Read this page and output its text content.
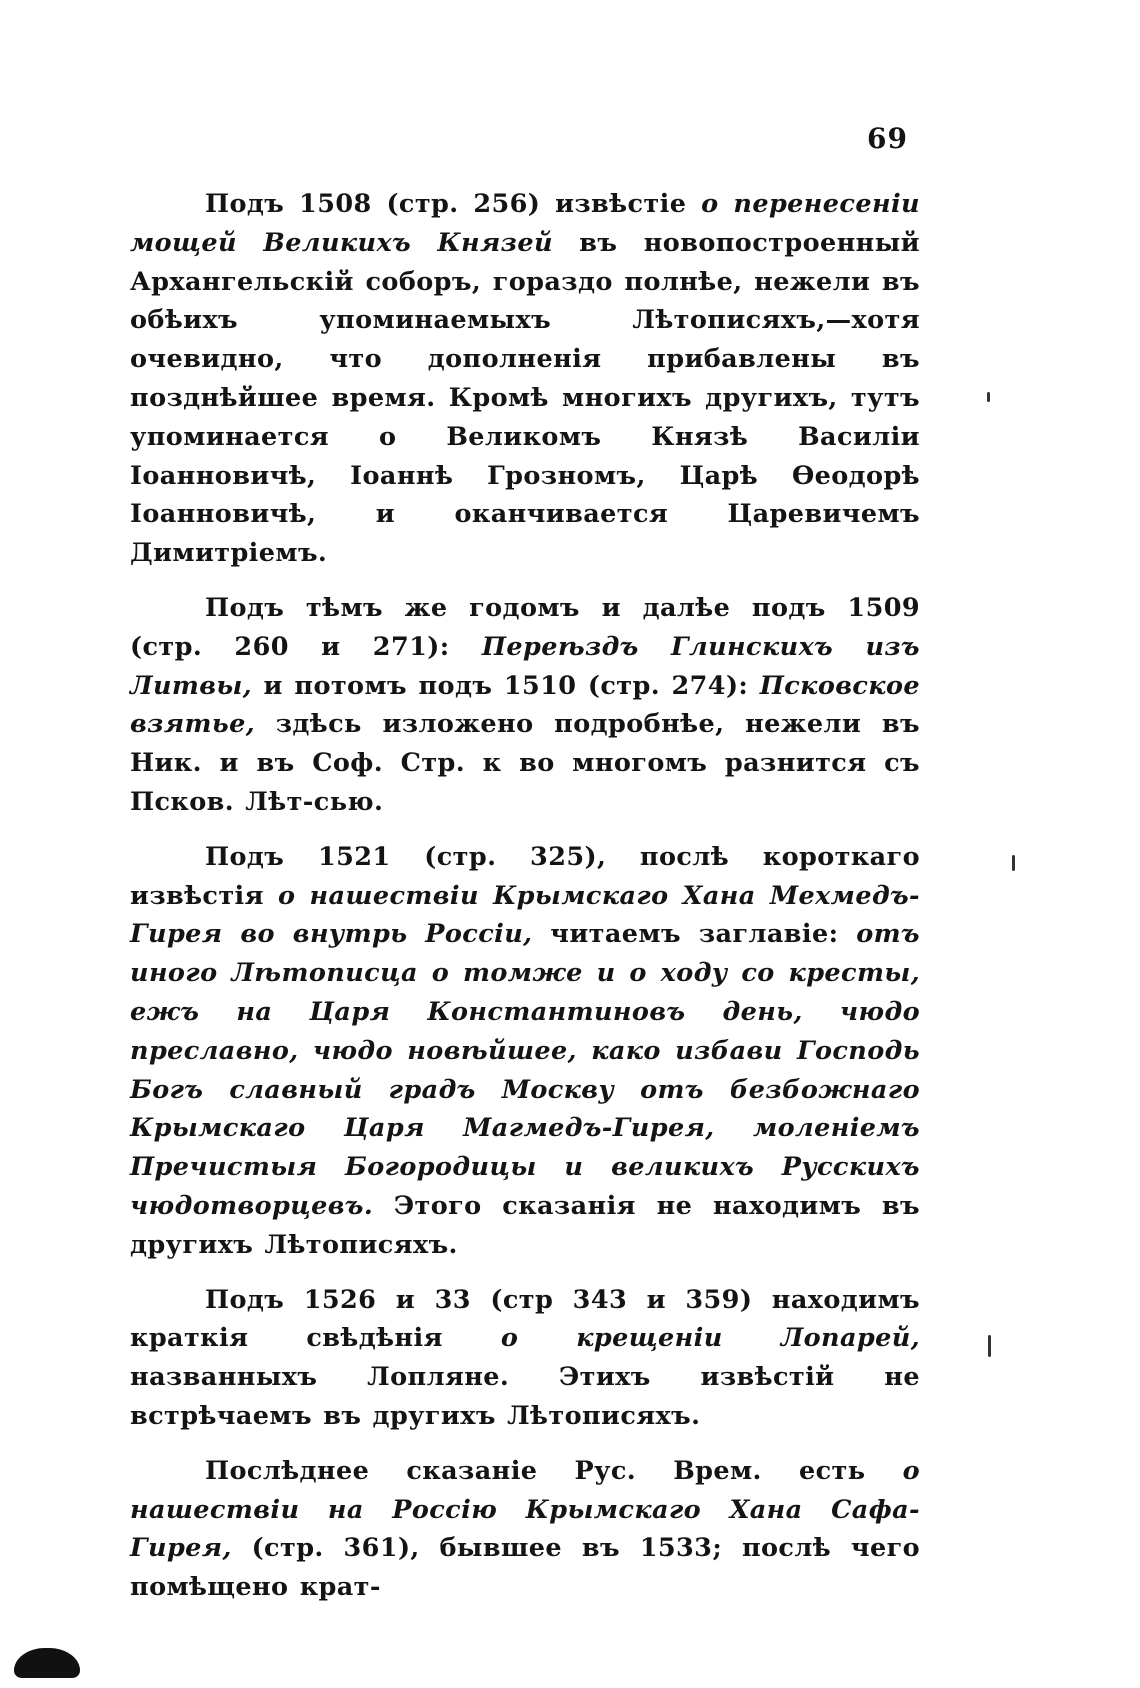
69

Подъ 1508 (стр. 256) извѣстіе о перенесеніи мощей Великихъ Князей въ новопостроенный Архангельскій соборъ, гораздо полнѣе, нежели въ обѣихъ упоминаемыхъ Лѣтописяхъ,—хотя очевидно, что дополненія прибавлены въ позднѣйшее время. Кромѣ многихъ другихъ, тутъ упоминается о Великомъ Князѣ Василіи Іоанновичѣ, Іоаннѣ Грозномъ, Царѣ Ѳеодорѣ Іоанновичѣ, и оканчивается Царевичемъ Димитріемъ.

Подъ тѣмъ же годомъ и далѣе подъ 1509 (стр. 260 и 271): Переѣздъ Глинскихъ изъ Литвы, и потомъ подъ 1510 (стр. 274): Псковское взятье, здѣсь изложено подробнѣе, нежели въ Ник. и въ Соф. Стр. к во многомъ разнится съ Псков. Лѣт-сью.

Подъ 1521 (стр. 325), послѣ короткаго извѣстія о нашествіи Крымскаго Хана Мехмедъ-Гирея во внутрь Россіи, читаемъ заглавіе: отъ иного Лѣтописца о томже и о ходу со кресты, ежъ на Царя Константиновъ день, чюдо преславно, чюдо новѣйшее, како избави Господь Богъ славный градъ Москву отъ безбожнаго Крымскаго Царя Магмедъ-Гирея, моленіемъ Пречистыя Богородицы и великихъ Русскихъ чюдотворцевъ. Этого сказанія не находимъ въ другихъ Лѣтописяхъ.

Подъ 1526 и 33 (стр 343 и 359) находимъ краткія свѣдѣнія о крещеніи Лопарей, названныхъ Лопляне. Этихъ извѣстій не встрѣчаемъ въ другихъ Лѣтописяхъ.

Послѣднее сказаніе Рус. Врем. есть о нашествіи на Россію Крымскаго Хана Сафа-Гирея, (стр. 361), бывшее въ 1533; послѣ чего помѣщено крат-
